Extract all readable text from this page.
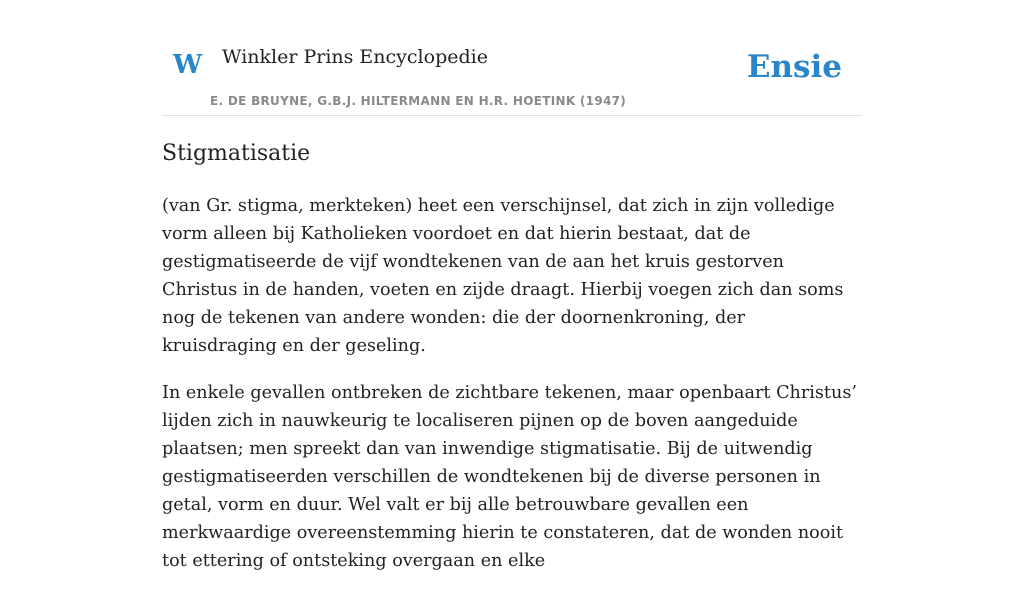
W Winkler Prins Encyclopedie
E. DE BRUYNE, G.B.J. HILTERMANN EN H.R. HOETINK (1947)
Ensie
Stigmatisatie

(van Gr. stigma, merkteken) heet een verschijnsel, dat zich in zijn volledige vorm alleen bij Katholieken voordoet en dat hierin bestaat, dat de gestigmatiseerde de vijf wondtekenen van de aan het kruis gestorven Christus in de handen, voeten en zijde draagt. Hierbij voegen zich dan soms nog de tekenen van andere wonden: die der doornenkroning, der kruisdraging en der geseling.

In enkele gevallen ontbreken de zichtbare tekenen, maar openbaart Christus’ lijden zich in nauwkeurig te localiseren pijnen op de boven aangeduide plaatsen; men spreekt dan van inwendige stigmatisatie. Bij de uitwendig gestigmatiseerden verschillen de wondtekenen bij de diverse personen in getal, vorm en duur. Wel valt er bij alle betrouwbare gevallen een merkwaardige overeenstemming hierin te constateren, dat de wonden nooit tot ettering of ontsteking overgaan en elke
